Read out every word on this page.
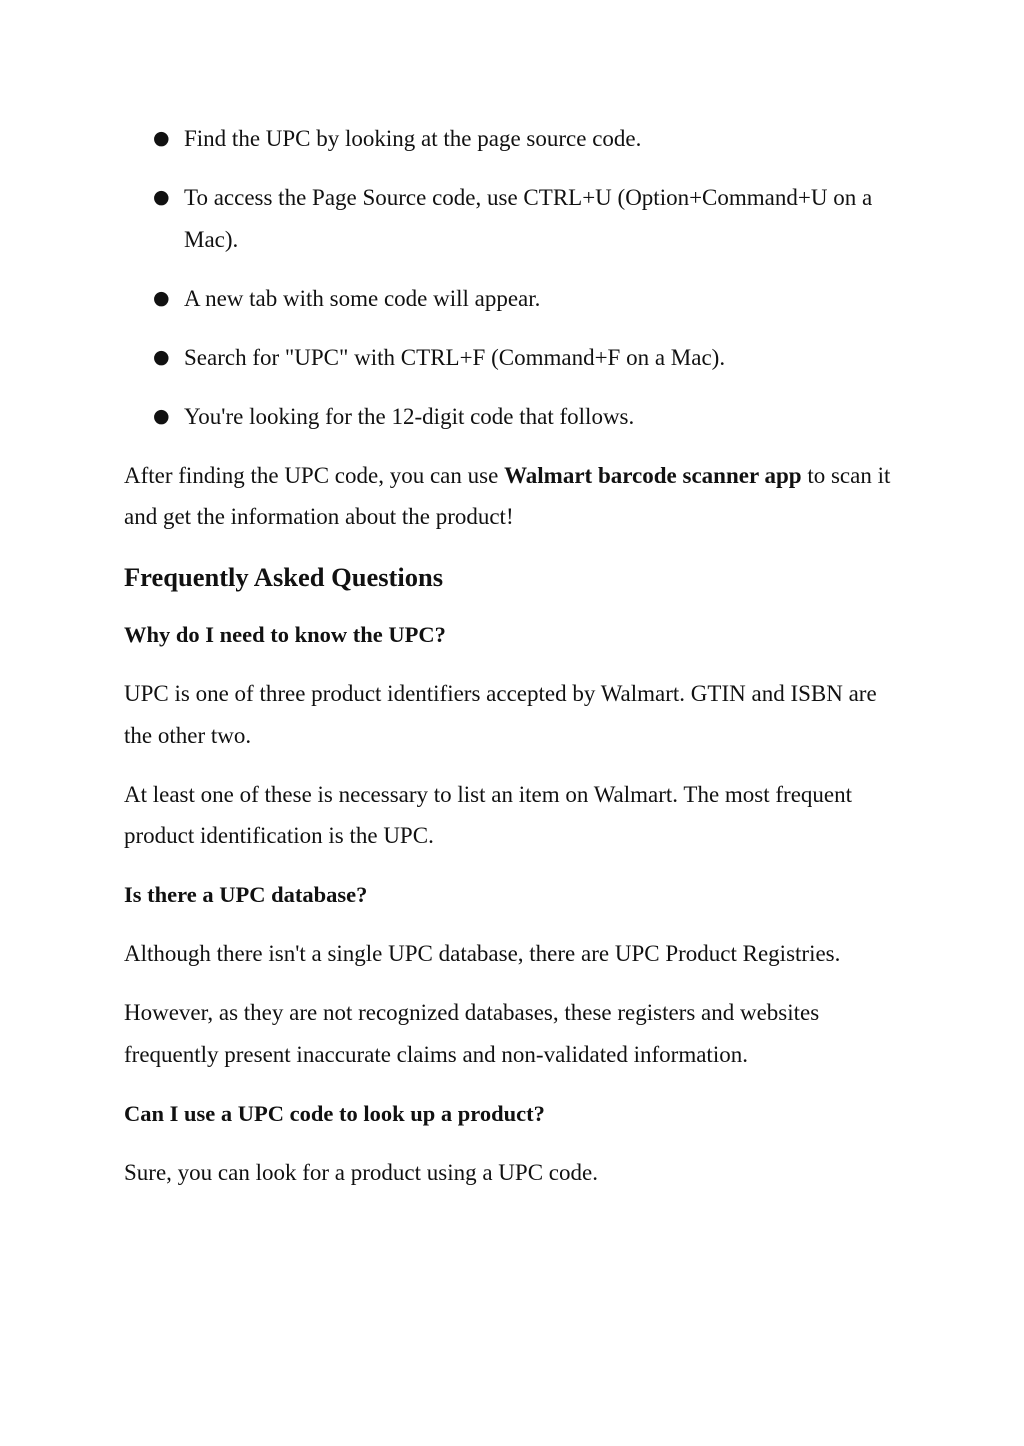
● Find the UPC by looking at the page source code.
● To access the Page Source code, use CTRL+U (Option+Command+U on a Mac).
● A new tab with some code will appear.
● Search for "UPC" with CTRL+F (Command+F on a Mac).
● You're looking for the 12-digit code that follows.

After finding the UPC code, you can use Walmart barcode scanner app to scan it and get the information about the product!

Frequently Asked Questions
Why do I need to know the UPC?

UPC is one of three product identifiers accepted by Walmart. GTIN and ISBN are the other two.

At least one of these is necessary to list an item on Walmart. The most frequent product identification is the UPC.

Is there a UPC database?

Although there isn't a single UPC database, there are UPC Product Registries.

However, as they are not recognized databases, these registers and websites frequently present inaccurate claims and non-validated information.

Can I use a UPC code to look up a product?

Sure, you can look for a product using a UPC code.
